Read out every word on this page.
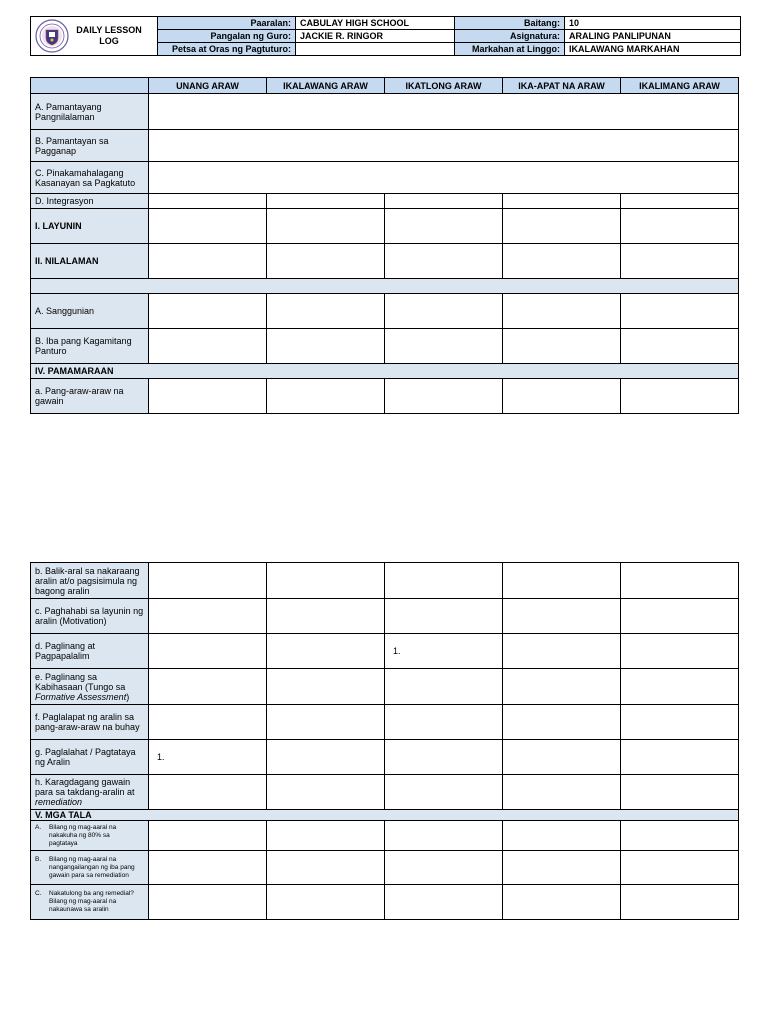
DAILY LESSON LOG	Paaralan:	CABULAY HIGH SCHOOL	Baitang:	10
	Pangalan ng Guro:	JACKIE R. RINGOR	Asignatura:	ARALING PANLIPUNAN
	Petsa at Oras ng Pagtuturo:		Markahan at Linggo:	IKALAWANG MARKAHAN
	UNANG ARAW	IKALAWANG ARAW	IKATLONG ARAW	IKA-APAT NA ARAW	IKALIMANG ARAW
A. Pamantayang Pangnilalaman					
B. Pamantayan sa Pagganap					
C. Pinakamahalagang Kasanayan sa Pagkatuto					
D. Integrasyon					
I. LAYUNIN					
II. NILALAMAN					

A. Sanggunian					
B. Iba pang Kagamitang Panturo					
IV. PAMAMARAAN					
a. Pang-araw-araw na gawain					
b. Balik-aral sa nakaraang aralin at/o pagsisimula ng bagong aralin					
c. Paghahabi sa layunin ng aralin (Motivation)					
d. Paglinang at Pagpapalalim			1.		
e. Paglinang sa Kabihasaan (Tungo sa Formative Assessment)					
f. Paglalapat ng aralin sa pang-araw-araw na buhay					
g. Paglalahat / Pagtataya ng Aralin	1.				
h. Karagdagang gawain para sa takdang-aralin at remediation					
V. MGA TALA					
A. Bilang ng mag-aaral na nakakuha ng 80% sa pagtataya					
B. Bilang ng mag-aaral na nangangailangan ng iba pang gawain para sa remediation					
C. Nakatulong ba ang remedial? Bilang ng mag-aaral na nakaunawa sa aralin					
